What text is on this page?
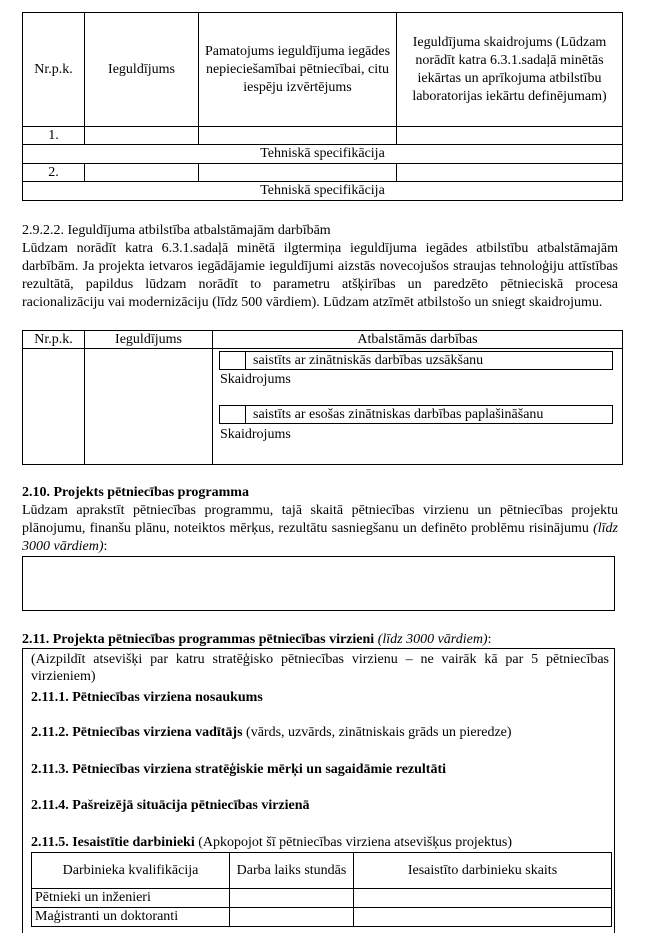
Nr.p.k.	Ieguldījums	Pamatojums ieguldījuma iegādes nepieciešamībai pētniecībai, citu iespēju izvērtējums	Ieguldījuma skaidrojums (Lūdzam norādīt katra 6.3.1.sadaļā minētās iekārtas un aprīkojuma atbilstību laboratorijas iekārtu definējumam)
1.			
Tehniskā specifikācija			
2.			
Tehniskā specifikācija			
2.9.2.2. Ieguldījuma atbilstība atbalstāmajām darbībām
Lūdzam norādīt katra 6.3.1.sadaļā minētā ilgtermiņa ieguldījuma iegādes atbilstību atbalstāmajām darbībām. Ja projekta ietvaros iegādājamie ieguldījumi aizstās novecojušos straujas tehnoloģiju attīstības rezultātā, papildus lūdzam norādīt to parametru atšķirības un paredzēto pētnieciskā procesa racionalizāciju vai modernizāciju (līdz 500 vārdiem). Lūdzam atzīmēt atbilstošo un sniegt skaidrojumu.
Nr.p.k.	Ieguldījums	Atbalstāmās darbības

		saistīts ar zinātniskās darbības uzsākšanu
Skaidrojums
saistīts ar esošas zinātniskas darbības paplašināšanu
Skaidrojums
2.10. Projekts pētniecības programma
Lūdzam aprakstīt pētniecības programmu, tajā skaitā pētniecības virzienu un pētniecības projektu plānojumu, finanšu plānu, noteiktos mērķus, rezultātu sasniegšanu un definēto problēmu risinājumu (līdz 3000 vārdiem):
2.11. Projekta pētniecības programmas pētniecības virzieni (līdz 3000 vārdiem):
(Aizpildīt atsevišķi par katru stratēģisko pētniecības virzienu – ne vairāk kā par 5 pētniecības virzieniem)
2.11.1. Pētniecības virziena nosaukums
2.11.2. Pētniecības virziena vadītājs (vārds, uzvārds, zinātniskais grāds un pieredze)
2.11.3. Pētniecības virziena stratēģiskie mērķi un sagaidāmie rezultāti
2.11.4. Pašreizējā situācija pētniecības virzienā
2.11.5. Iesaistītie darbinieki (Apkopojot šī pētniecības virziena atsevišķus projektus)
Darbinieka kvalifikācija	Darba laiks stundās	Iesaistīto darbinieku skaits
Pētnieki un inženieri		
Maģistranti un doktoranti		
